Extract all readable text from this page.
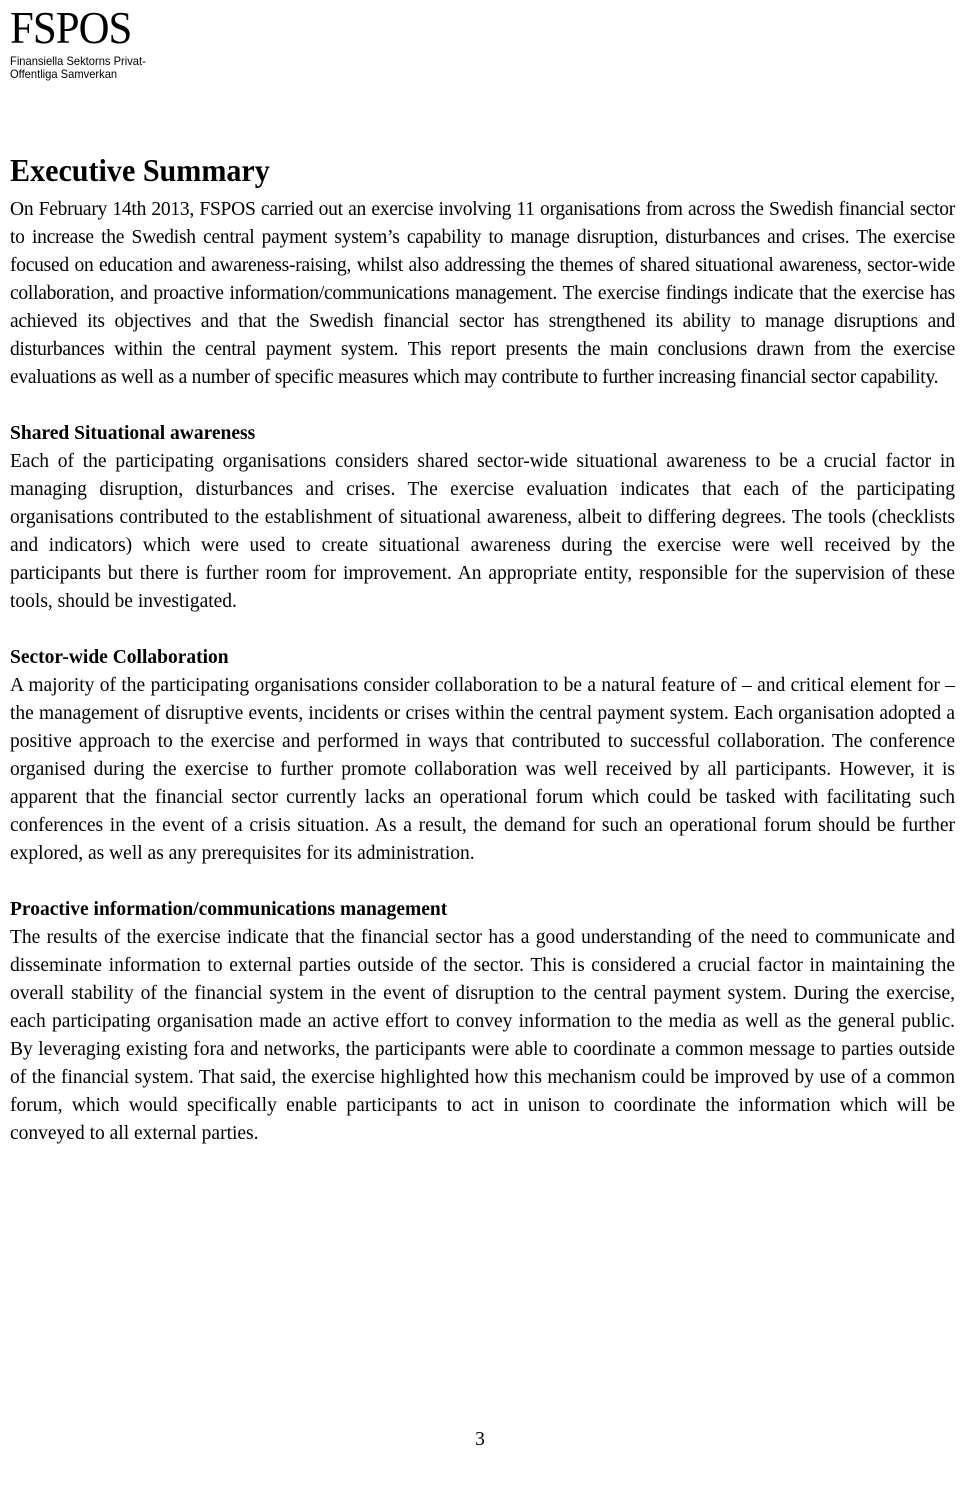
FSPOS
Finansiella Sektorns Privat-
Offentliga Samverkan
Executive Summary

On February 14th 2013, FSPOS carried out an exercise involving 11 organisations from across the Swedish financial sector to increase the Swedish central payment system’s capability to manage disruption, disturbances and crises. The exercise focused on education and awareness-raising, whilst also addressing the themes of shared situational awareness, sector-wide collaboration, and proactive information/communications management. The exercise findings indicate that the exercise has achieved its objectives and that the Swedish financial sector has strengthened its ability to manage disruptions and disturbances within the central payment system. This report presents the main conclusions drawn from the exercise evaluations as well as a number of specific measures which may contribute to further increasing financial sector capability.

Shared Situational awareness

Each of the participating organisations considers shared sector-wide situational awareness to be a crucial factor in managing disruption, disturbances and crises. The exercise evaluation indicates that each of the participating organisations contributed to the establishment of situational awareness, albeit to differing degrees. The tools (checklists and indicators) which were used to create situational awareness during the exercise were well received by the participants but there is further room for improvement. An appropriate entity, responsible for the supervision of these tools, should be investigated.

Sector-wide Collaboration

A majority of the participating organisations consider collaboration to be a natural feature of – and critical element for – the management of disruptive events, incidents or crises within the central payment system. Each organisation adopted a positive approach to the exercise and performed in ways that contributed to successful collaboration. The conference organised during the exercise to further promote collaboration was well received by all participants. However, it is apparent that the financial sector currently lacks an operational forum which could be tasked with facilitating such conferences in the event of a crisis situation. As a result, the demand for such an operational forum should be further explored, as well as any prerequisites for its administration.

Proactive information/communications management

The results of the exercise indicate that the financial sector has a good understanding of the need to communicate and disseminate information to external parties outside of the sector. This is considered a crucial factor in maintaining the overall stability of the financial system in the event of disruption to the central payment system. During the exercise, each participating organisation made an active effort to convey information to the media as well as the general public. By leveraging existing fora and networks, the participants were able to coordinate a common message to parties outside of the financial system. That said, the exercise highlighted how this mechanism could be improved by use of a common forum, which would specifically enable participants to act in unison to coordinate the information which will be conveyed to all external parties.

3
